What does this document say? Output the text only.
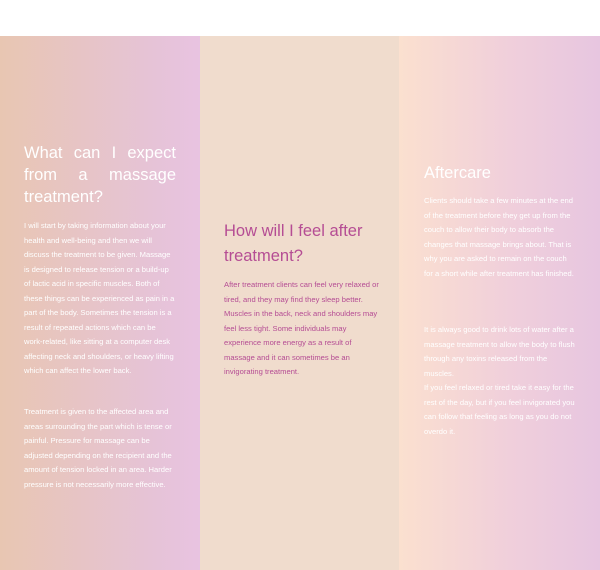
What can I expect from a massage treatment?

I will start by taking information about your health and well-being and then we will discuss the treatment to be given. Massage is designed to release tension or a build-up of lactic acid in specific muscles. Both of these things can be experienced as pain in a part of the body. Sometimes the tension is a result of repeated actions which can be work-related, like sitting at a computer desk affecting neck and shoulders, or heavy lifting which can affect the lower back.

Treatment is given to the affected area and areas surrounding the part which is tense or painful. Pressure for massage can be adjusted depending on the recipient and the amount of tension locked in an area. Harder pressure is not necessarily more effective.

How will I feel after treatment?

After treatment clients can feel very relaxed or tired, and they may find they sleep better. Muscles in the back, neck and shoulders may feel less tight. Some individuals may experience more energy as a result of massage and it can sometimes be an invigorating treatment.

Aftercare

Clients should take a few minutes at the end of the treatment before they get up from the couch to allow their body to absorb the changes that massage brings about. That is why you are asked to remain on the couch for a short while after treatment has finished.

It is always good to drink lots of water after a massage treatment to allow the body to flush through any toxins released from the muscles.

If you feel relaxed or tired take it easy for the rest of the day, but if you feel invigorated you can follow that feeling as long as you do not overdo it.
